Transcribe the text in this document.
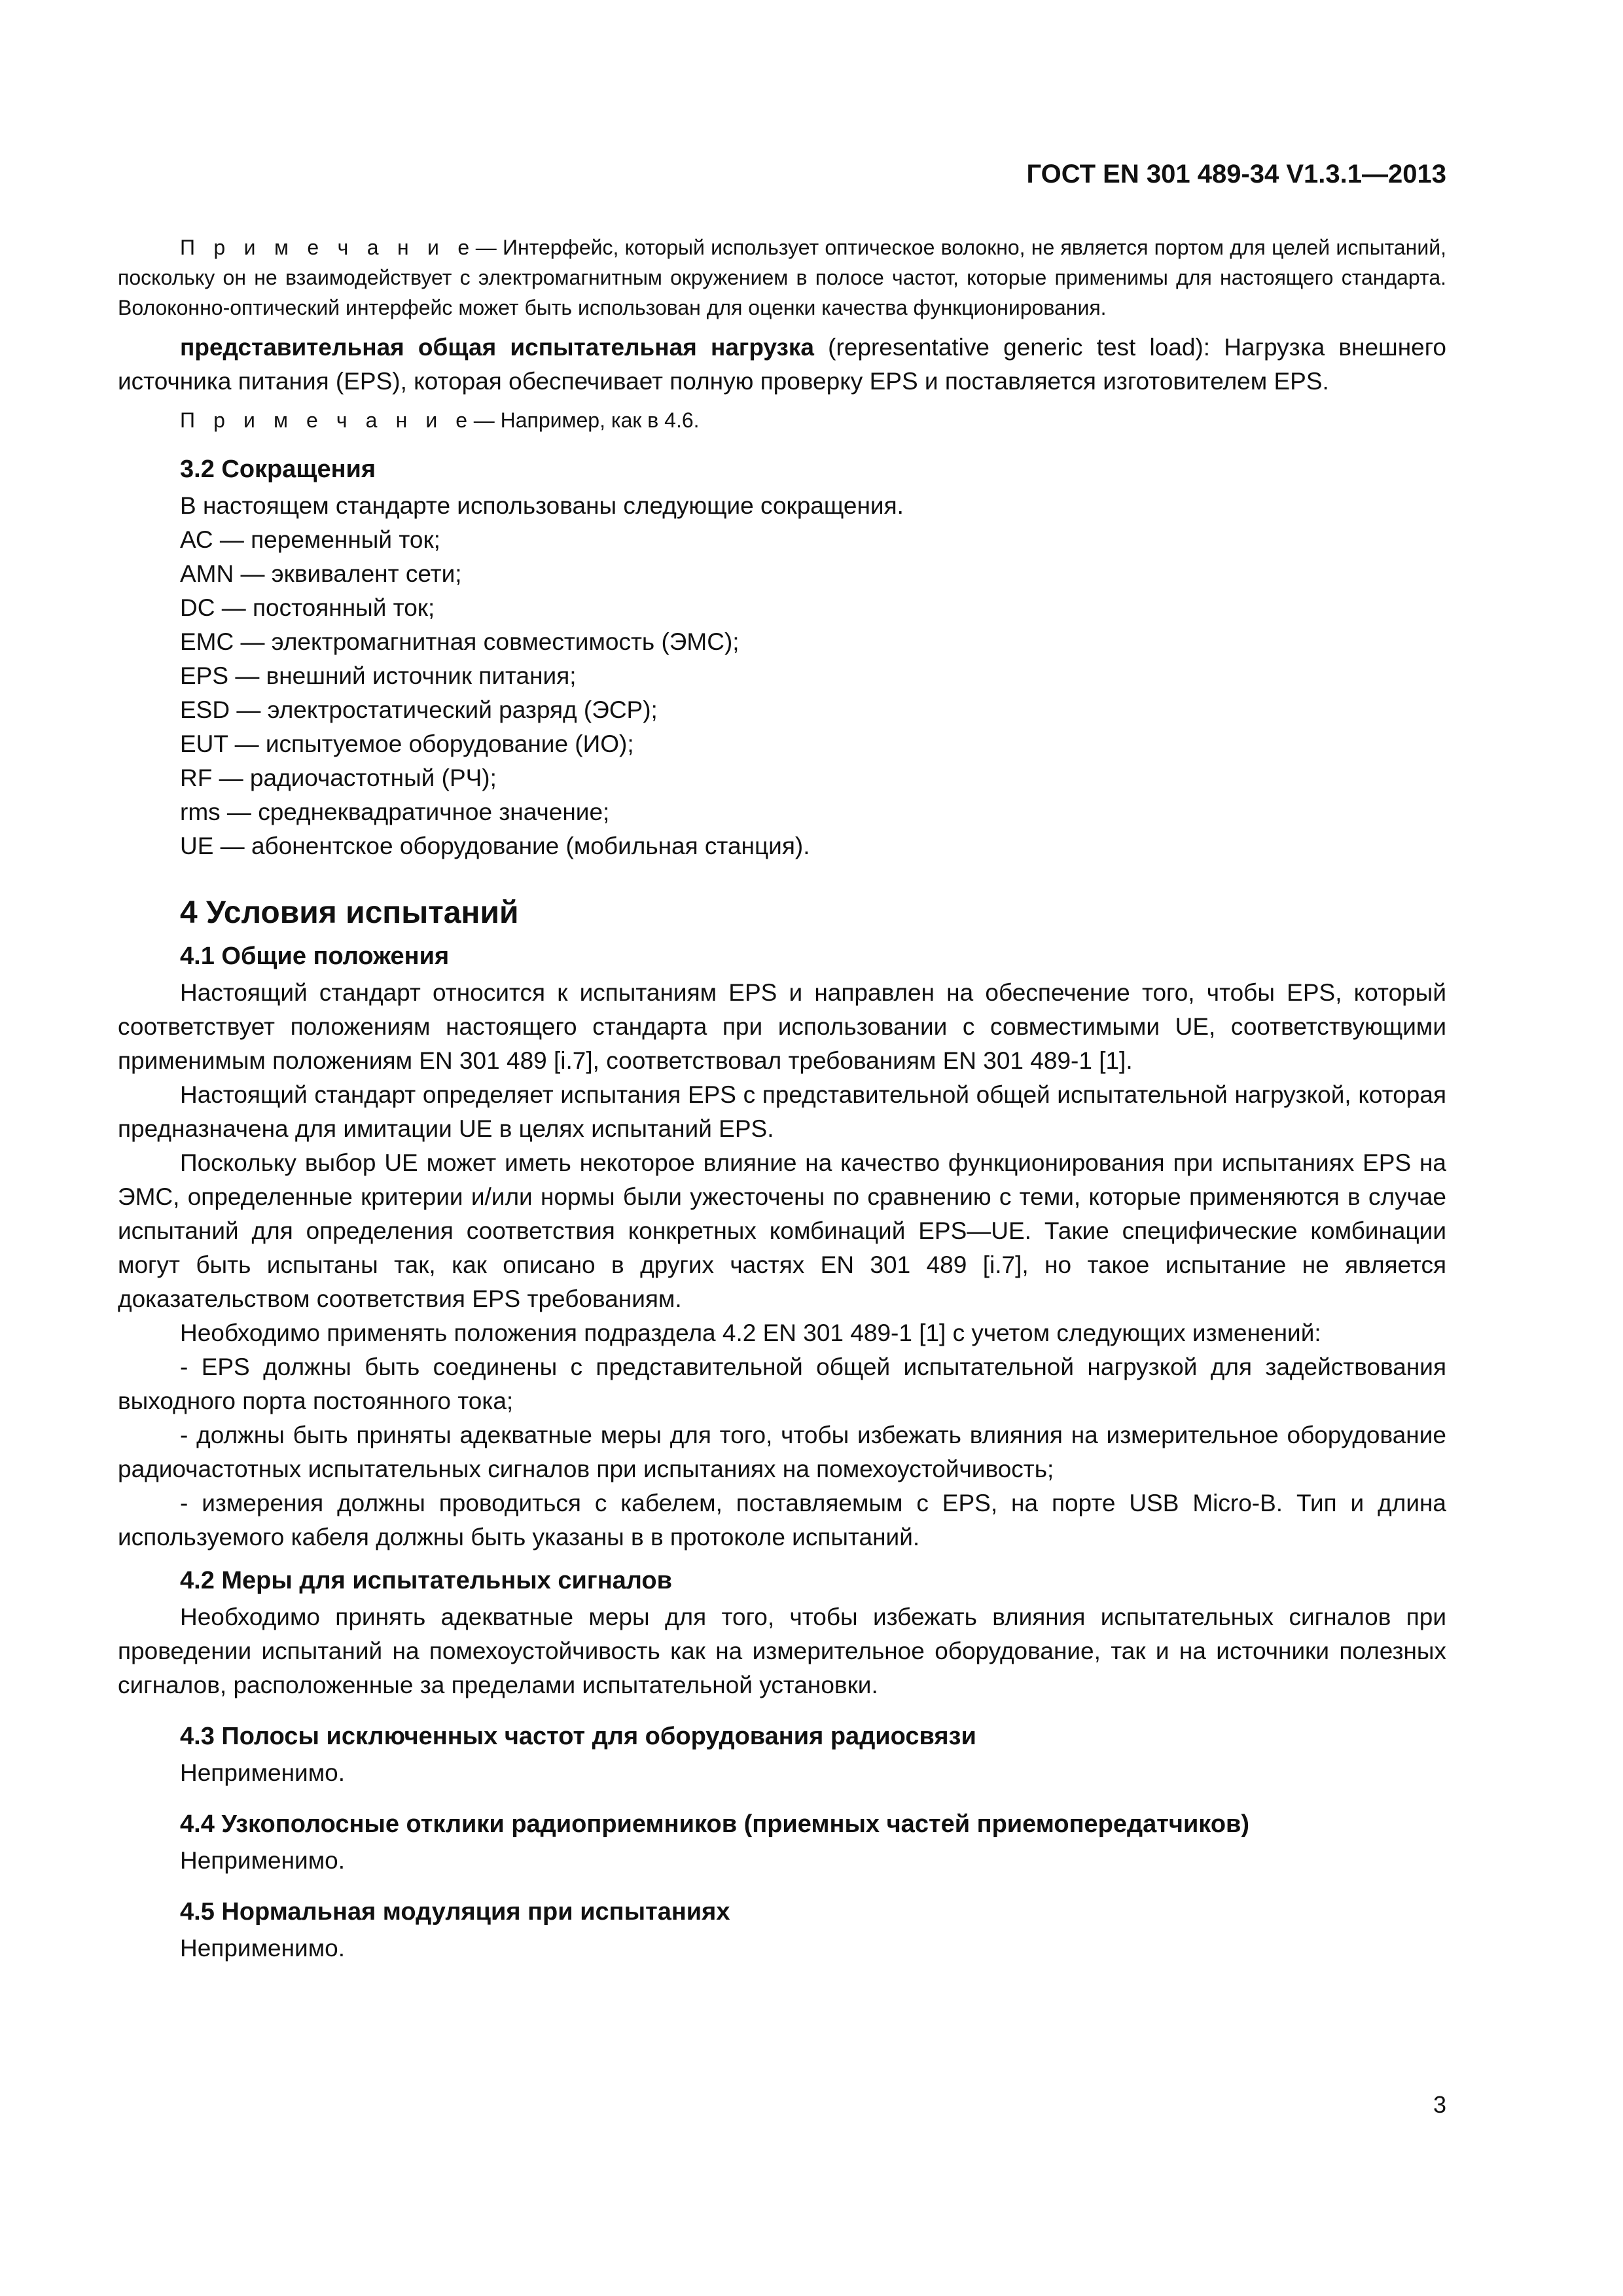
ГОСТ EN 301 489-34 V1.3.1—2013

П р и м е ч а н и е— Интерфейс, который использует оптическое волокно, не является портом для целей испытаний, поскольку он не взаимодействует с электромагнитным окружением в полосе частот, которые применимы для настоящего стандарта. Волоконно-оптический интерфейс может быть использован для оценки качества функционирования.

представительная общая испытательная нагрузка (representative generic test load): Нагрузка внешнего источника питания (EPS), которая обеспечивает полную проверку EPS и поставляется изготовителем EPS.

П р и м е ч а н и е— Например, как в 4.6.

3.2 Сокращения

В настоящем стандарте использованы следующие сокращения.

АС — переменный ток;

AMN — эквивалент сети;

DC — постоянный ток;

ЕМС — электромагнитная совместимость (ЭМС);

EPS — внешний источник питания;

ESD — электростатический разряд (ЭСР);

EUT — испытуемое оборудование (ИО);

RF — радиочастотный (РЧ);

rms — среднеквадратичное значение;

UE — абонентское оборудование (мобильная станция).

4 Условия испытаний
4.1 Общие положения

Настоящий стандарт относится к испытаниям EPS и направлен на обеспечение того, чтобы EPS, который соответствует положениям настоящего стандарта при использовании с совместимыми UE, соответствующими применимым положениям EN 301 489 [i.7], соответствовал требованиям EN 301 489-1 [1].

Настоящий стандарт определяет испытания EPS с представительной общей испытательной нагрузкой, которая предназначена для имитации UE в целях испытаний EPS.

Поскольку выбор UE может иметь некоторое влияние на качество функционирования при испытаниях EPS на ЭМС, определенные критерии и/или нормы были ужесточены по сравнению с теми, которые применяются в случае испытаний для определения соответствия конкретных комбинаций EPS—UE. Такие специфические комбинации могут быть испытаны так, как описано в других частях EN 301 489 [i.7], но такое испытание не является доказательством соответствия EPS требованиям.

Необходимо применять положения подраздела 4.2 EN 301 489-1 [1] с учетом следующих изменений:

- EPS должны быть соединены с представительной общей испытательной нагрузкой для задействования выходного порта постоянного тока;

- должны быть приняты адекватные меры для того, чтобы избежать влияния на измерительное оборудование радиочастотных испытательных сигналов при испытаниях на помехоустойчивость;

- измерения должны проводиться с кабелем, поставляемым с EPS, на порте USB Micro-B. Тип и длина используемого кабеля должны быть указаны в в протоколе испытаний.

4.2 Меры для испытательных сигналов

Необходимо принять адекватные меры для того, чтобы избежать влияния испытательных сигналов при проведении испытаний на помехоустойчивость как на измерительное оборудование, так и на источники полезных сигналов, расположенные за пределами испытательной установки.

4.3 Полосы исключенных частот для оборудования радиосвязи

Неприменимо.

4.4 Узкополосные отклики радиоприемников (приемных частей приемопередатчиков)

Неприменимо.

4.5 Нормальная модуляция при испытаниях

Неприменимо.

3
